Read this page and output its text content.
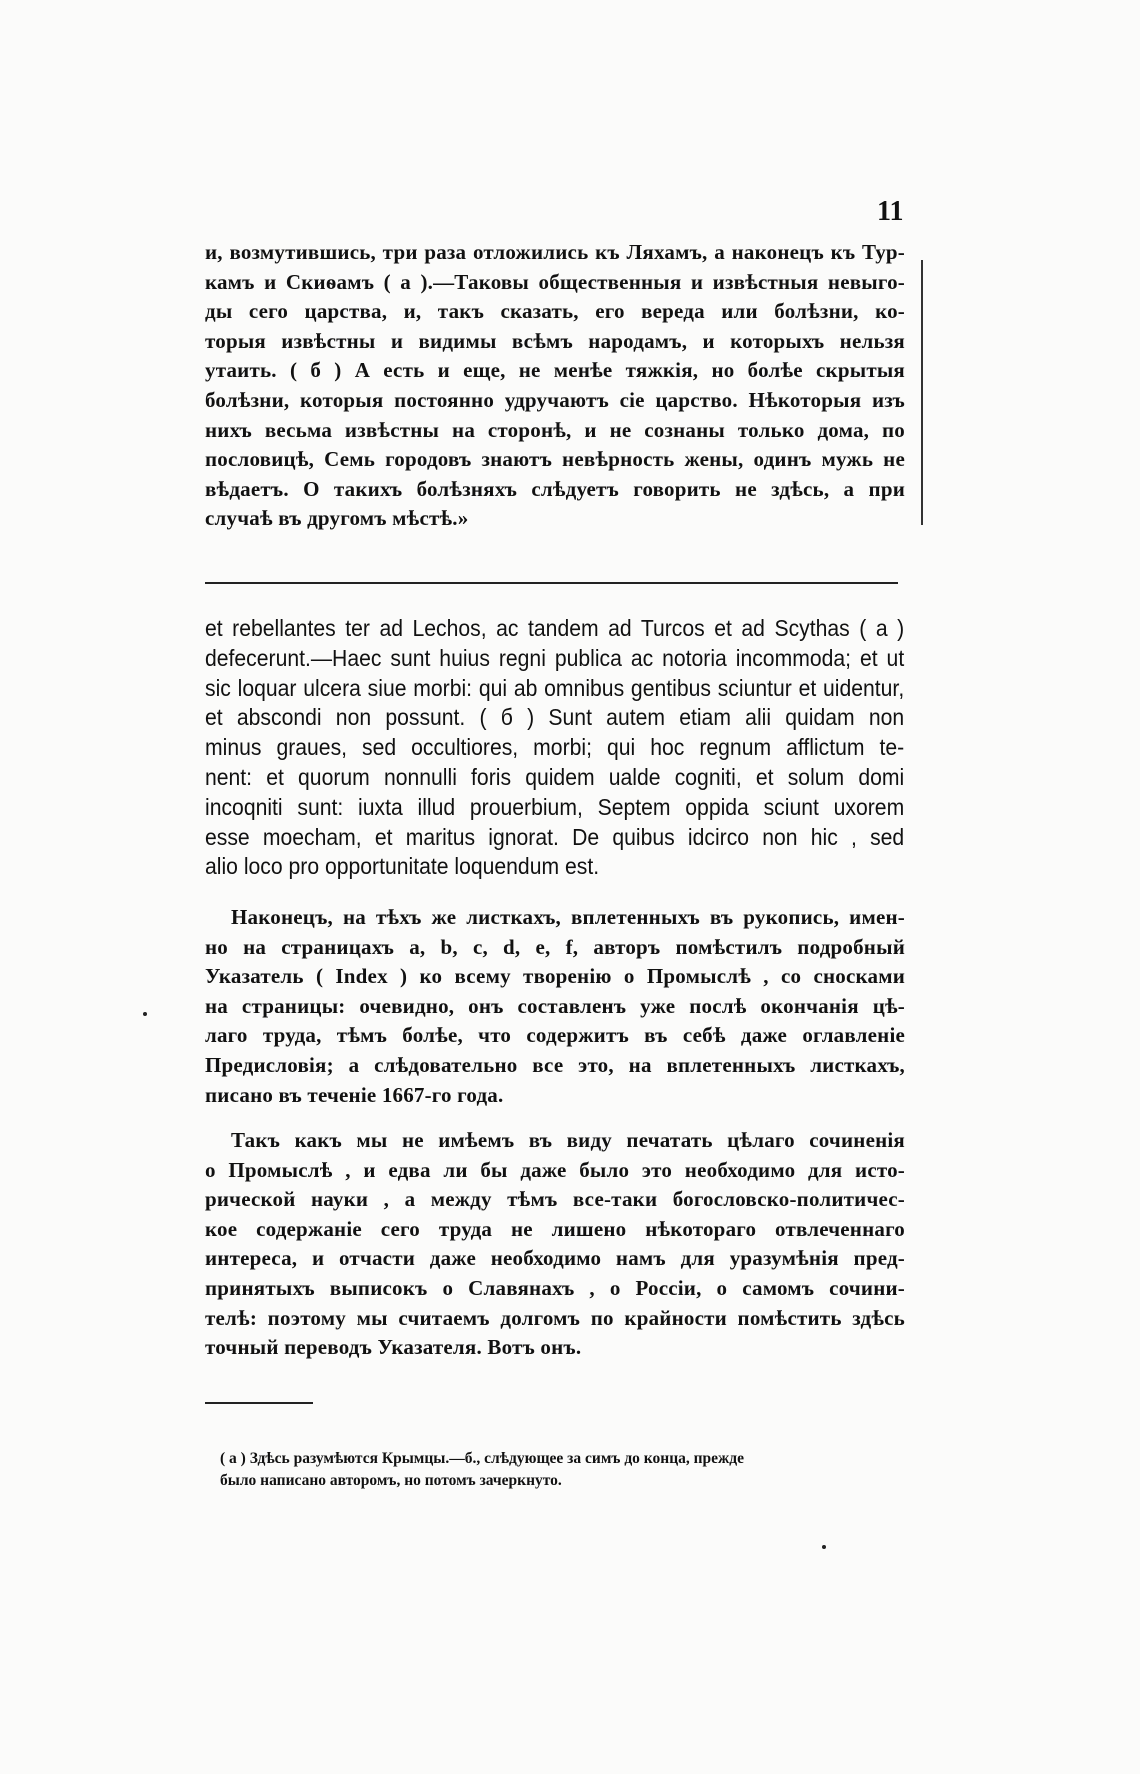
11
и, возмутившись, три раза отложились къ Ляхамъ, а наконецъ къ Тур-
камъ и Скиѳамъ ( а ).—Таковы общественныя и извѣстныя невыго-
ды сего царства, и, такъ сказать, его вереда или болѣзни, ко-
торыя извѣстны и видимы всѣмъ народамъ, и которыхъ нельзя
утаить. ( б ) А есть и еще, не менѣе тяжкія, но болѣе скрытыя
болѣзни, которыя постоянно удручаютъ сіе царство. Нѣкоторыя изъ
нихъ весьма извѣстны на сторонѣ, и не сознаны только дома, по
пословицѣ, Семь городовъ знаютъ невѣрность жены, одинъ мужь не
вѣдаетъ. О такихъ болѣзняхъ слѣдуетъ говорить не здѣсь, а при
случаѣ въ другомъ мѣстѣ.»
et rebellantes ter ad Lechos, ac tandem ad Turcos et ad Scythas ( a )
defecerunt.—Haec sunt huius regni publica ac notoria incommoda; et ut
sic loquar ulcera siue morbi: qui ab omnibus gentibus sciuntur et uidentur,
et abscondi non possunt. ( б ) Sunt autem etiam alii quidam non
minus graues, sed occultiores, morbi; qui hoc regnum afflictum te-
nent: et quorum nonnulli foris quidem ualde cogniti, et solum domi
incoqniti sunt: iuxta illud prouerbium, Septem oppida sciunt uxorem
esse moecham, et maritus ignorat. De quibus idcirco non hic , sed
alio loco pro opportunitate loquendum est.
Наконецъ, на тѣхъ же листкахъ, вплетенныхъ въ рукопись, имен-
но на страницахъ a, b, c, d, e, f, авторъ помѣстилъ подробный
Указатель ( Index ) ко всему творенію о Промыслѣ , со сносками
на страницы: очевидно, онъ составленъ уже послѣ окончанія цѣ-
лаго труда, тѣмъ болѣе, что содержитъ въ себѣ даже оглавленіе
Предисловія; а слѣдовательно все это, на вплетенныхъ листкахъ,
писано въ теченіе 1667-го года.
Такъ какъ мы не имѣемъ въ виду печатать цѣлаго сочиненія
о Промыслѣ , и едва ли бы даже было это необходимо для исто-
рической науки , а между тѣмъ все-таки богословско-политичес-
кое содержаніе сего труда не лишено нѣкотораго отвлеченнаго
интереса, и отчасти даже необходимо намъ для уразумѣнія пред-
принятыхъ выписокъ о Славянахъ , о Россіи, о самомъ сочини-
телѣ: поэтому мы считаемъ долгомъ по крайности помѣстить здѣсь
точный переводъ Указателя. Вотъ онъ.
( а ) Здѣсь разумѣются Крымцы.—б., слѣдующее за симъ до конца, прежде
было написано авторомъ, но потомъ зачеркнуто.
